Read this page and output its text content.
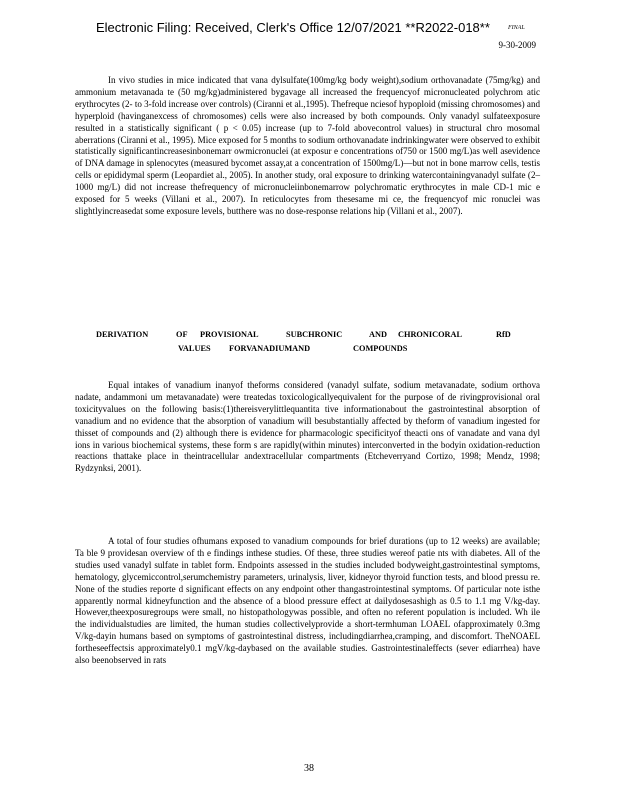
Electronic Filing: Received, Clerk's Office 12/07/2021 **R2022-018**	FINAL
9-30-2009

In vivo studies in mice indicated that vana dylsulfate(100mg/kg body weight),sodium orthovanadate (75mg/kg) and ammonium metavanada te (50 mg/kg)administered bygavage all increased the frequencyof micronucleated polychrom atic erythrocytes (2- to 3-fold increase over controls) (Ciranni et al.,1995). Thefreque nciesof hypoploid (missing chromosomes) and hyperploid (havinganexcess of chromosomes) cells were also increased by both compounds. Only vanadyl sulfateexposure resulted in a statistically significant ( p < 0.05) increase (up to 7-fold abovecontrol values) in structural chro mosomal aberrations (Ciranni et al., 1995). Mice exposed for 5 months to sodium orthovanadate indrinkingwater were observed to exhibit statistically significantincreasesinbonemarr owmicronuclei (at exposur e concentrations of750 or 1500 mg/L)as well asevidence of DNA damage in splenocytes (measured bycomet assay,at a concentration of 1500mg/L)—but not in bone marrow cells, testis cells or epididymal sperm (Leopardiet al., 2005). In another study, oral exposure to drinking watercontainingvanadyl sulfate (2–1000 mg/L) did not increase thefrequency of micronucleiinbonemarrow polychromatic erythrocytes in male CD-1 mic e exposed for 5 weeks (Villani et al., 2007). In reticulocytes from thesesame mi ce, the frequencyof mic ronuclei was slightlyincreasedat some exposure levels, butthere was no dose-response relations hip (Villani et al., 2007).

DERIVATION	OF PROVISIONAL	SUBCHRONIC	AND CHRONICORAL	RfD
VALUES FORVANADIUMAND	COMPOUNDS

Equal intakes of vanadium inanyof theforms considered (vanadyl sulfate, sodium metavanadate, sodium orthova nadate, andammoni um metavanadate) were treatedas toxicologicallyequivalent for the purpose of de rivingprovisional oral toxicityvalues on the following basis:(1)thereisverylittlequantita tive informationabout the gastrointestinal absorption of vanadium and no evidence that the absorption of vanadium will besubstantially affected by theform of vanadium ingested for thisset of compounds and (2) although there is evidence for pharmacologic specificityof theacti ons of vanadate and vana dyl ions in various biochemical systems, these form s are rapidly(within minutes) interconverted in the bodyin oxidation-reduction reactions thattake place in theintracellular andextracellular compartments (Etcheverryand Cortizo, 1998; Mendz, 1998; Rydzynksi, 2001).

A total of four studies ofhumans exposed to vanadium compounds for brief durations (up to 12 weeks) are available; Ta ble 9 providesan overview of th e findings inthese studies. Of these, three studies wereof patie nts with diabetes. All of the studies used vanadyl sulfate in tablet form. Endpoints assessed in the studies included bodyweight,gastrointestinal symptoms, hematology, glycemiccontrol,serumchemistry parameters, urinalysis, liver, kidneyor thyroid function tests, and blood pressu re. None of the studies reporte d significant effects on any endpoint other thangastrointestinal symptoms. Of particular note isthe apparently normal kidneyfunction and the absence of a blood pressure effect at dailydosesashigh as 0.5 to 1.1 mg V/kg-day. However,theexposuregroups were small, no histopathologywas possible, and often no referent population is included. Wh ile the individualstudies are limited, the human studies collectivelyprovide a short-termhuman LOAEL ofapproximately 0.3mg V/kg-dayin humans based on symptoms of gastrointestinal distress, includingdiarrhea,cramping, and discomfort. TheNOAEL fortheseeffectsis approximately0.1 mgV/kg-daybased on the available studies. Gastrointestinaleffects (sever ediarrhea) have also beenobserved in rats

38
